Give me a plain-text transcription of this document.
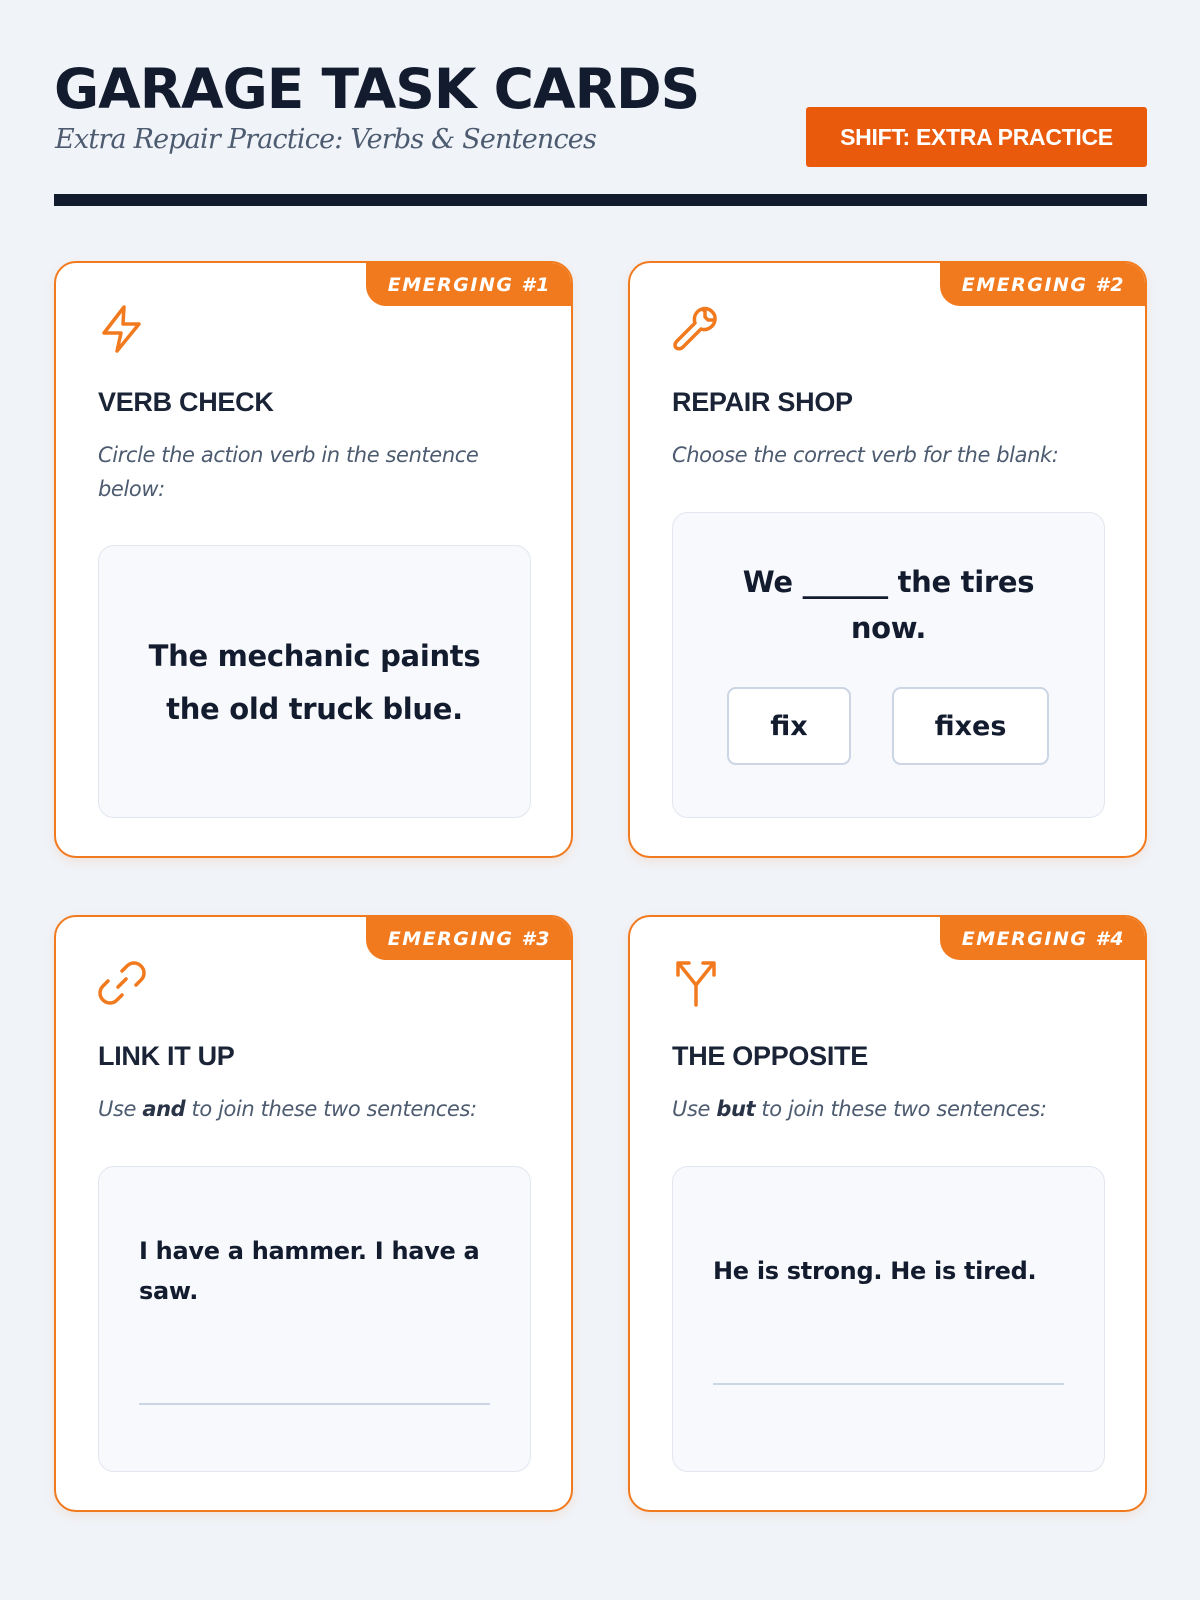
GARAGE TASK CARDS
Extra Repair Practice: Verbs & Sentences	SHIFT: EXTRA PRACTICE
EMERGING #1
VERB CHECK
Circle the action verb in the sentence below:
The mechanic paints the old truck blue.
EMERGING #2
REPAIR SHOP
Choose the correct verb for the blank:
We ______ the tires now.
fix	fixes
EMERGING #3
LINK IT UP
Use and to join these two sentences:
I have a hammer. I have a saw.
EMERGING #4
THE OPPOSITE
Use but to join these two sentences:
He is strong. He is tired.
